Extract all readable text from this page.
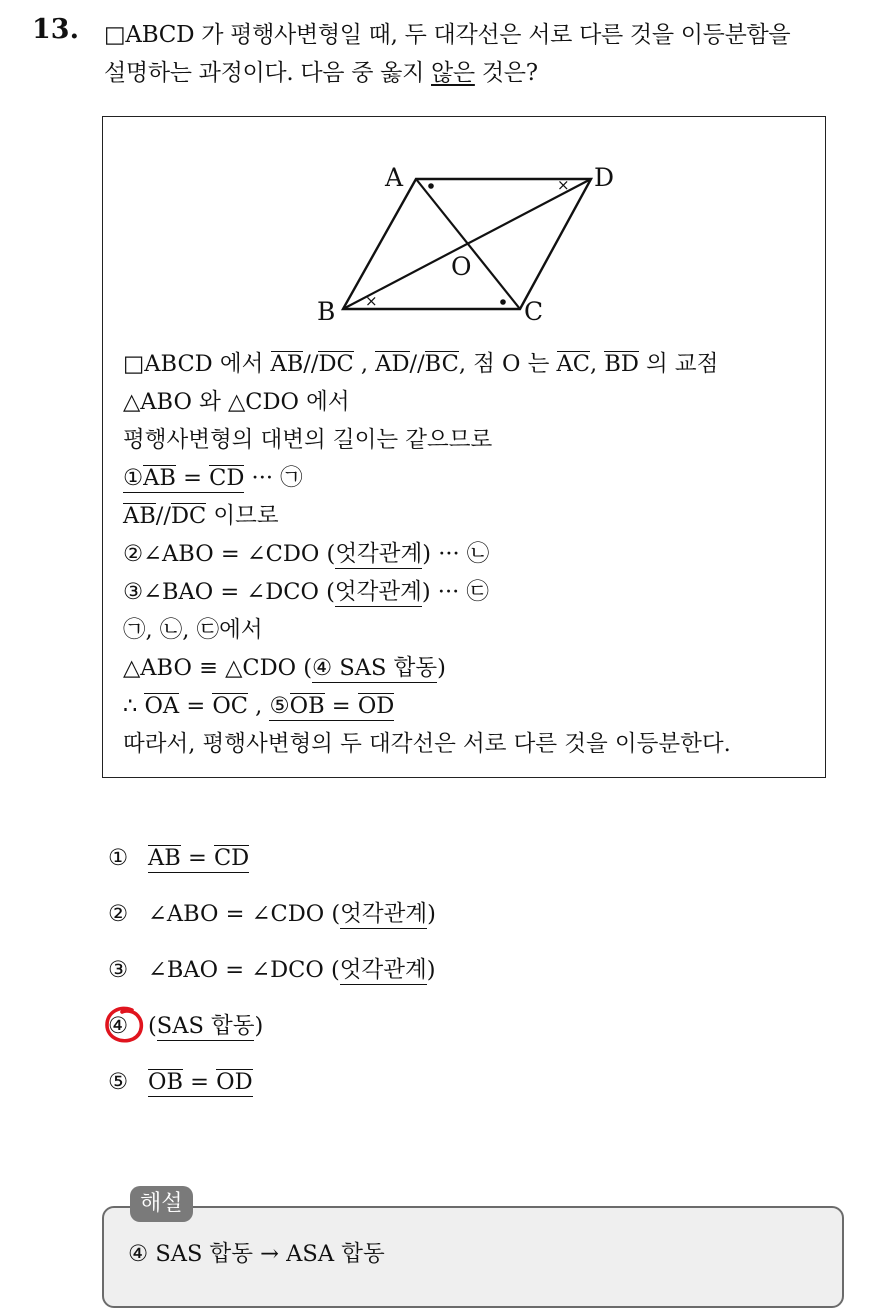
13. □ABCD 가 평행사변형일 때, 두 대각선은 서로 다른 것을 이등분함을
설명하는 과정이다. 다음 중 옳지 않은 것은?
×
×
A	D
B	C
O
□ABCD 에서 AB//DC , AD//BC, 점 O 는 AC, BD 의 교점
△ABO 와 △CDO 에서
평행사변형의 대변의 길이는 같으므로
①AB = CD ··· ㉠
AB//DC 이므로
②∠ABO = ∠CDO (엇각관계) ··· ㉡
③∠BAO = ∠DCO (엇각관계) ··· ㉢
㉠, ㉡, ㉢에서
△ABO ≡ △CDO (④ SAS 합동)
∴ OA = OC , ⑤OB = OD
따라서, 평행사변형의 두 대각선은 서로 다른 것을 이등분한다.
① AB = CD
② ∠ABO = ∠CDO (엇각관계)
③ ∠BAO = ∠DCO (엇각관계)
④ (SAS 합동)
⑤ OB = OD
④ SAS 합동 → ASA 합동
해설
